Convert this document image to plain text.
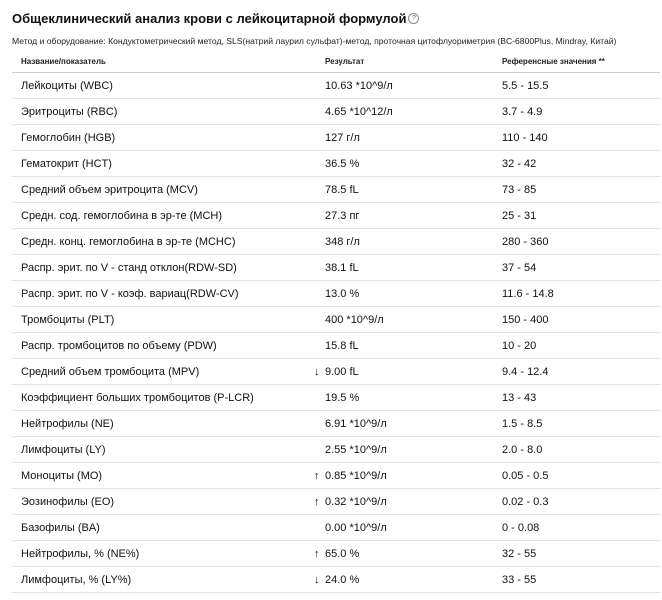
Общеклинический анализ крови с лейкоцитарной формулой ?
Метод и оборудование: Кондуктометрический метод, SLS(натрий лаурил сульфат)-метод, проточная цитофлуориметрия (BC-6800Plus, Mindray, Китай)
Название/показатель	Результат	Референсные значения **
Лейкоциты (WBC)	10.63 *10^9/л	5.5 - 15.5
Эритроциты (RBC)	4.65 *10^12/л	3.7 - 4.9
Гемоглобин (HGB)	127 г/л	110 - 140
Гематокрит (HCT)	36.5 %	32 - 42
Средний объем эритроцита (MCV)	78.5 fL	73 - 85
Средн. сод. гемоглобина в эр-те (MCH)	27.3 пг	25 - 31
Средн. конц. гемоглобина в эр-те (MCHC)	348 г/л	280 - 360
Распр. эрит. по V - станд отклон(RDW-SD)	38.1 fL	37 - 54
Распр. эрит. по V - коэф. вариац(RDW-CV)	13.0 %	11.6 - 14.8
Тромбоциты (PLT)	400 *10^9/л	150 - 400
Распр. тромбоцитов по объему (PDW)	15.8 fL	10 - 20
Средний объем тромбоцита (MPV)	↓ 9.00 fL	9.4 - 12.4
Коэффициент больших тромбоцитов (P-LCR)	19.5 %	13 - 43
Нейтрофилы (NE)	6.91 *10^9/л	1.5 - 8.5
Лимфоциты (LY)	2.55 *10^9/л	2.0 - 8.0
Моноциты (MO)	↑ 0.85 *10^9/л	0.05 - 0.5
Эозинофилы (EO)	↑ 0.32 *10^9/л	0.02 - 0.3
Базофилы (BA)	0.00 *10^9/л	0 - 0.08
Нейтрофилы, % (NE%)	↑ 65.0 %	32 - 55
Лимфоциты, % (LY%)	↓ 24.0 %	33 - 55
